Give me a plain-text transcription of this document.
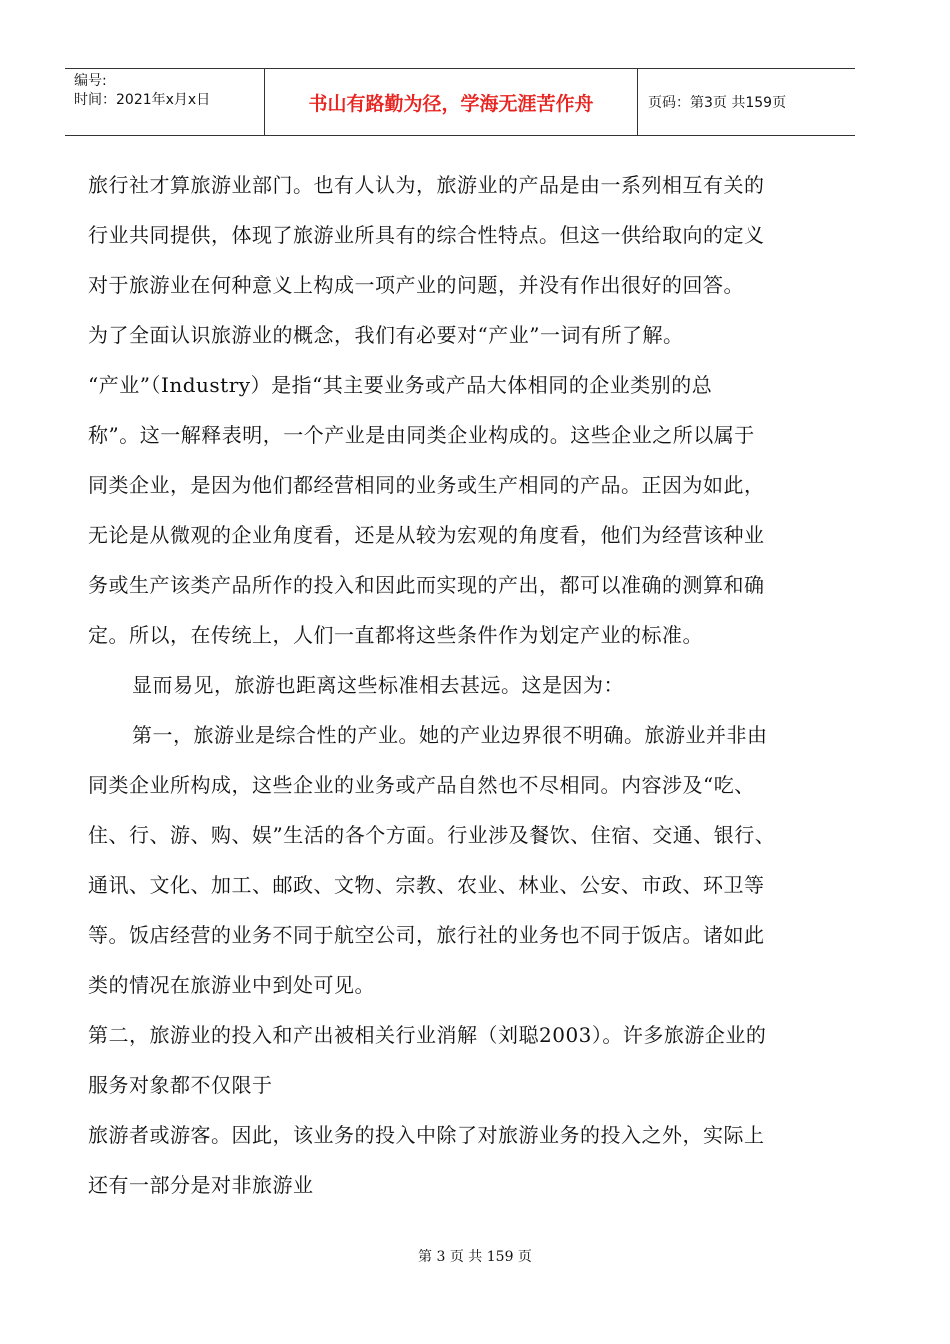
编号:
时间：2021年x月x日	书山有路勤为径，学海无涯苦作舟	页码：第3页 共159页
旅行社才算旅游业部门。也有人认为，旅游业的产品是由一系列相互有关的
行业共同提供，体现了旅游业所具有的综合性特点。但这一供给取向的定义
对于旅游业在何种意义上构成一项产业的问题，并没有作出很好的回答。
为了全面认识旅游业的概念，我们有必要对“产业”一词有所了解。
“产业”（Industry）是指“其主要业务或产品大体相同的企业类别的总
称”。这一解释表明，一个产业是由同类企业构成的。这些企业之所以属于
同类企业，是因为他们都经营相同的业务或生产相同的产品。正因为如此，
无论是从微观的企业角度看，还是从较为宏观的角度看，他们为经营该种业
务或生产该类产品所作的投入和因此而实现的产出，都可以准确的测算和确
定。所以，在传统上，人们一直都将这些条件作为划定产业的标准。
显而易见，旅游也距离这些标准相去甚远。这是因为：
第一，旅游业是综合性的产业。她的产业边界很不明确。旅游业并非由
同类企业所构成，这些企业的业务或产品自然也不尽相同。内容涉及“吃、
住、行、游、购、娱”生活的各个方面。行业涉及餐饮、住宿、交通、银行、
通讯、文化、加工、邮政、文物、宗教、农业、林业、公安、市政、环卫等
等。饭店经营的业务不同于航空公司，旅行社的业务也不同于饭店。诸如此
类的情况在旅游业中到处可见。
第二，旅游业的投入和产出被相关行业消解（刘聪2003）。许多旅游企业的
服务对象都不仅限于
旅游者或游客。因此，该业务的投入中除了对旅游业务的投入之外，实际上
还有一部分是对非旅游业
第 3 页 共 159 页
